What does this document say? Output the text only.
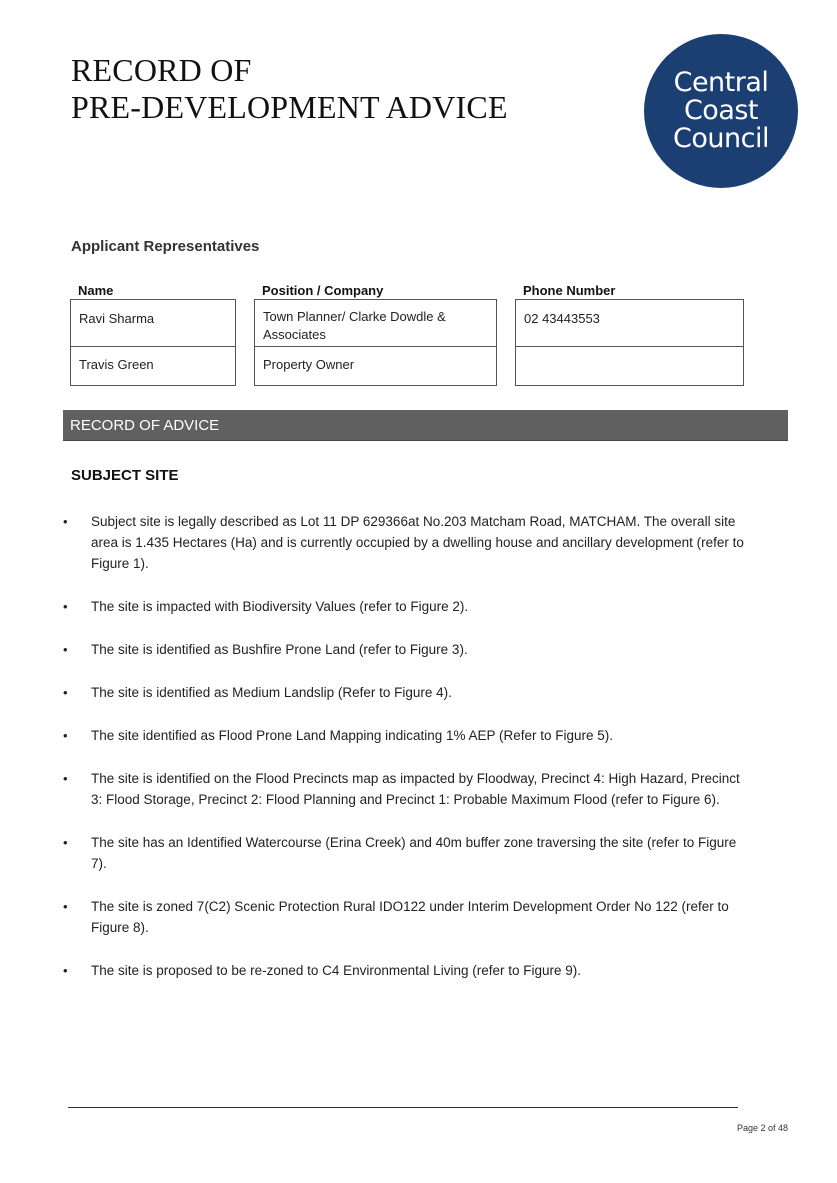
RECORD OF
PRE-DEVELOPMENT ADVICE
Central
Coast
Council
Applicant Representatives
Name
Ravi Sharma
Travis Green
Position / Company
Town Planner/ Clarke Dowdle & Associates
Property Owner
Phone Number
02 43443553
RECORD OF ADVICE
SUBJECT SITE
• Subject site is legally described as Lot 11 DP 629366at No.203 Matcham Road, MATCHAM. The overall site area is 1.435 Hectares (Ha) and is currently occupied by a dwelling house and ancillary development (refer to Figure 1).
• The site is impacted with Biodiversity Values (refer to Figure 2).
• The site is identified as Bushfire Prone Land (refer to Figure 3).
• The site is identified as Medium Landslip (Refer to Figure 4).
• The site identified as Flood Prone Land Mapping indicating 1% AEP (Refer to Figure 5).
• The site is identified on the Flood Precincts map as impacted by Floodway, Precinct 4: High Hazard, Precinct 3: Flood Storage, Precinct 2: Flood Planning and Precinct 1: Probable Maximum Flood (refer to Figure 6).
• The site has an Identified Watercourse (Erina Creek) and 40m buffer zone traversing the site (refer to Figure 7).
• The site is zoned 7(C2) Scenic Protection Rural IDO122 under Interim Development Order No 122 (refer to Figure 8).
• The site is proposed to be re-zoned to C4 Environmental Living (refer to Figure 9).
Page 2 of 48
